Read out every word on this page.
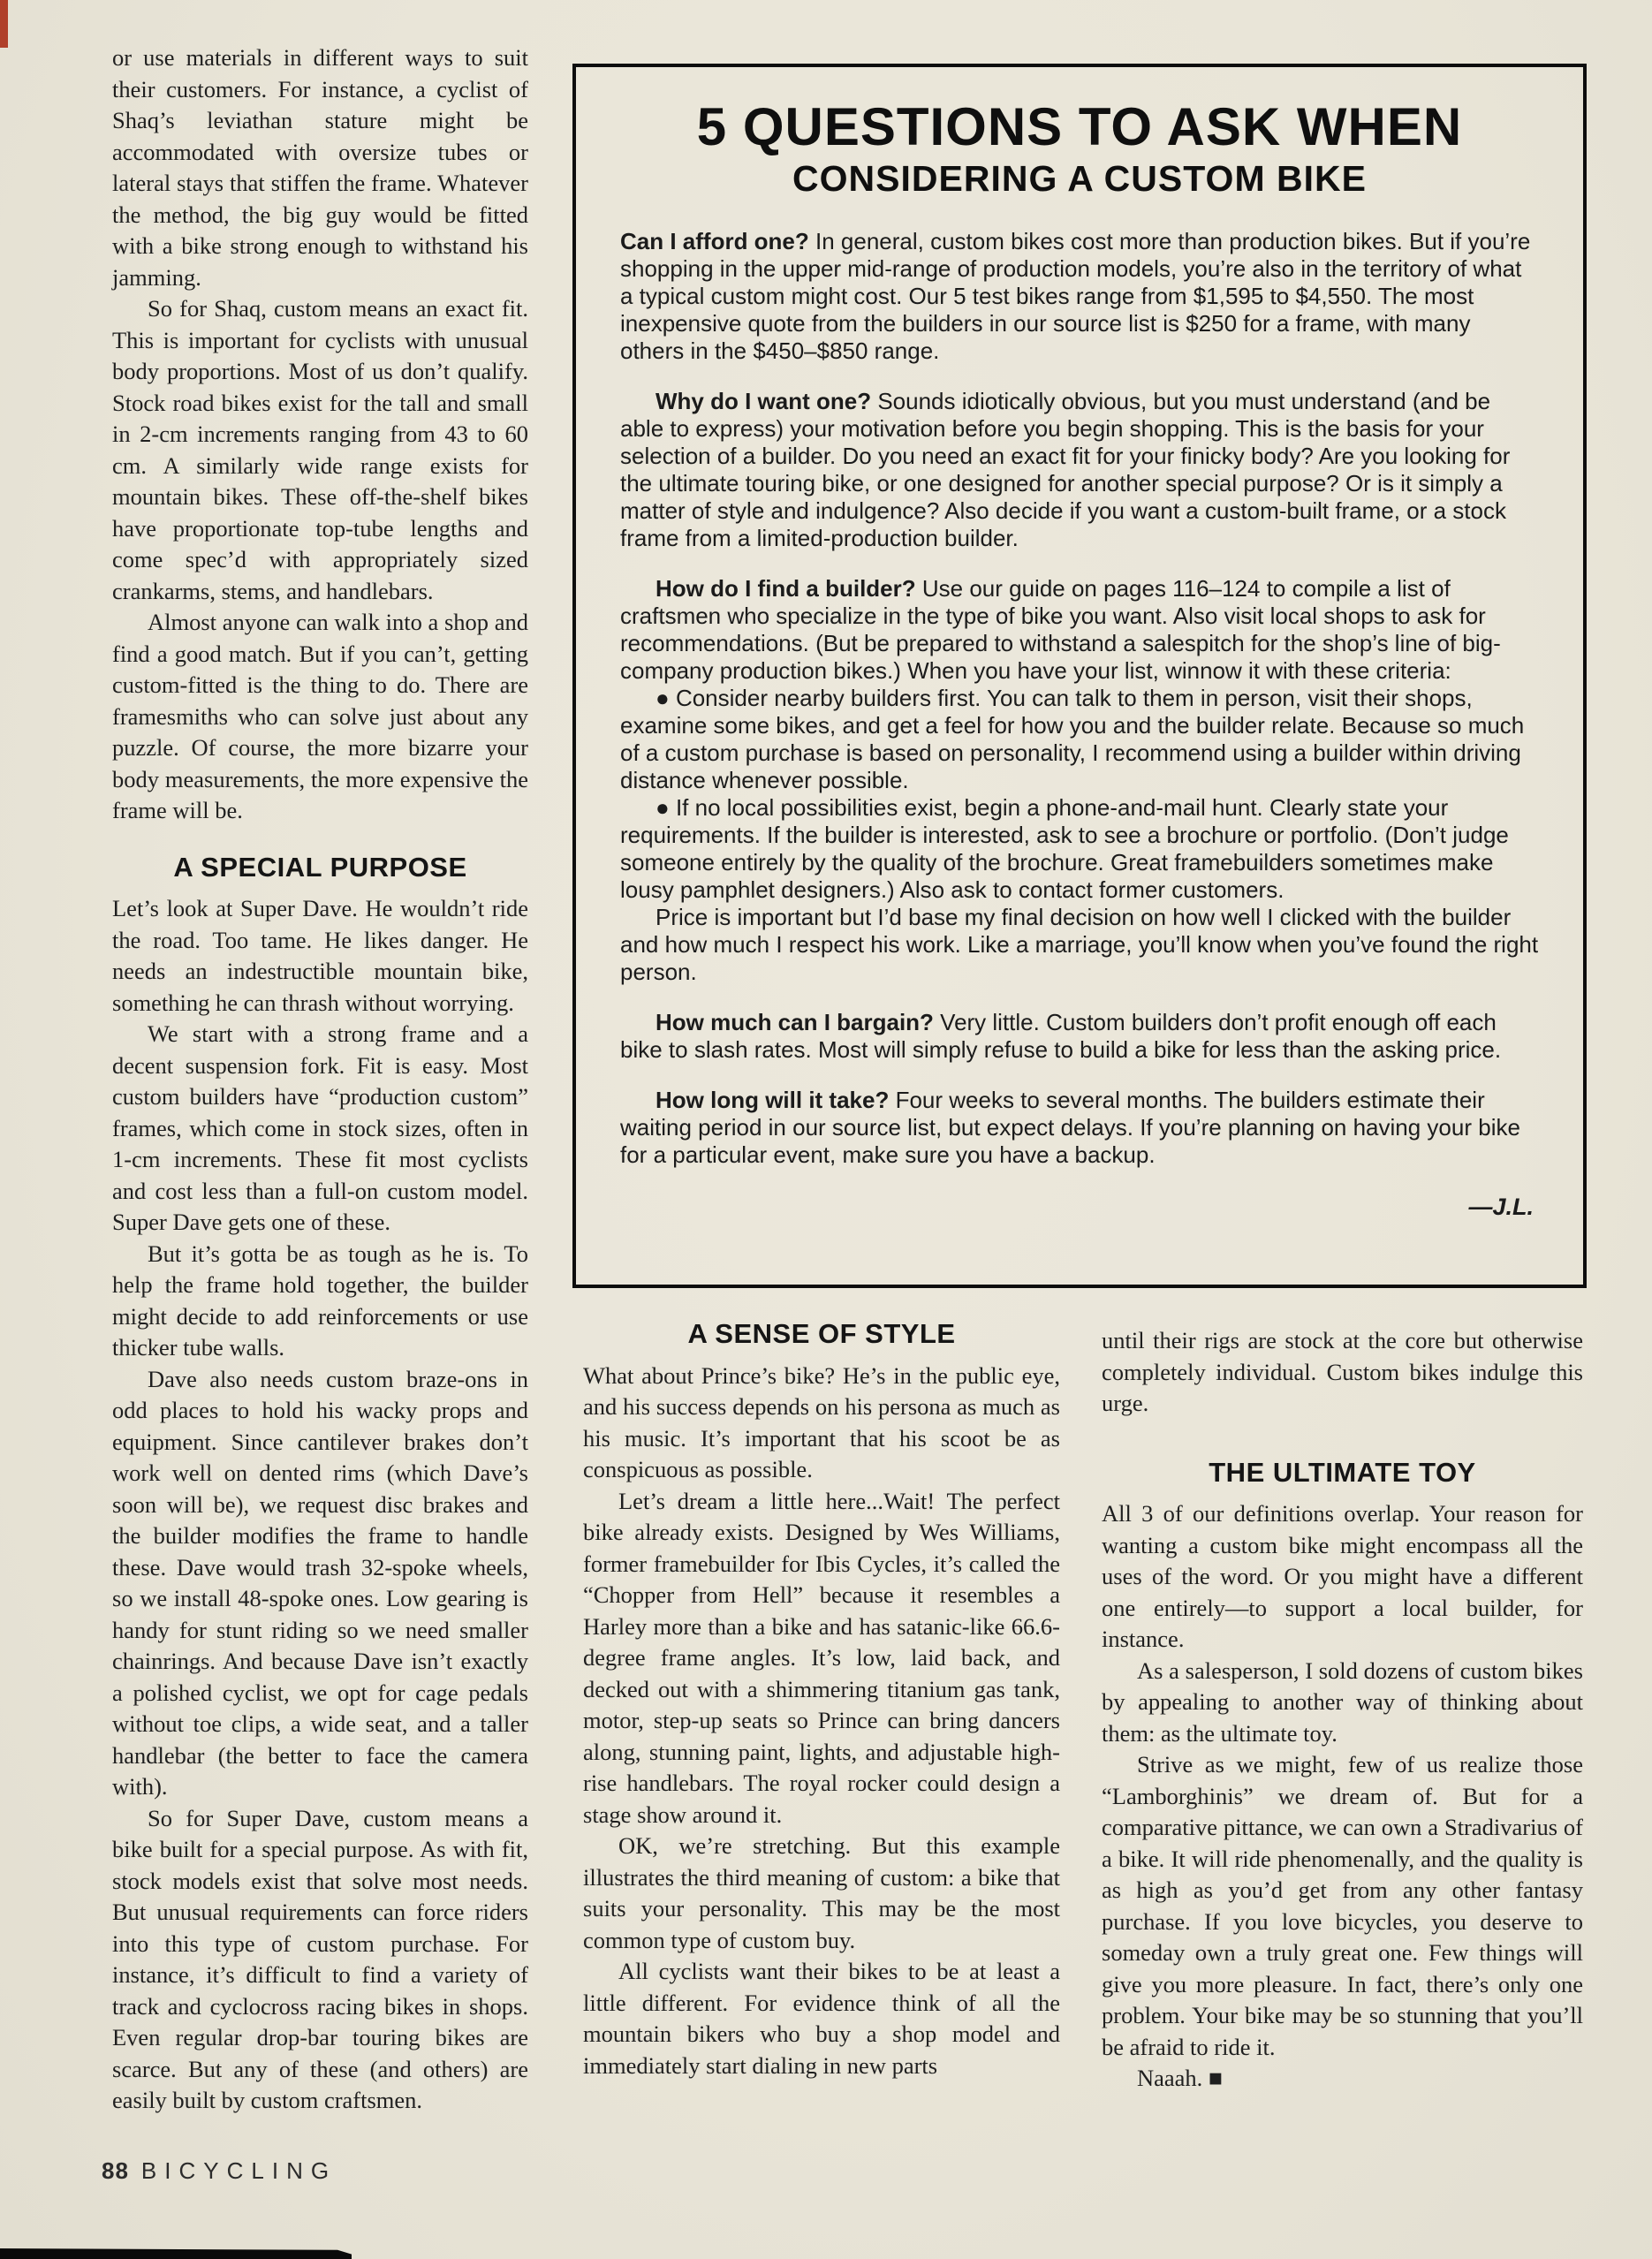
or use materials in different ways to suit their customers. For instance, a cyclist of Shaq’s leviathan stature might be accommodated with oversize tubes or lateral stays that stiffen the frame. Whatever the method, the big guy would be fitted with a bike strong enough to withstand his jamming.

So for Shaq, custom means an exact fit. This is important for cyclists with unusual body proportions. Most of us don’t qualify. Stock road bikes exist for the tall and small in 2-cm increments ranging from 43 to 60 cm. A similarly wide range exists for mountain bikes. These off-the-shelf bikes have proportionate top-tube lengths and come spec’d with appropriately sized crankarms, stems, and handlebars.

Almost anyone can walk into a shop and find a good match. But if you can’t, getting custom-fitted is the thing to do. There are framesmiths who can solve just about any puzzle. Of course, the more bizarre your body measurements, the more expensive the frame will be.

A SPECIAL PURPOSE

Let’s look at Super Dave. He wouldn’t ride the road. Too tame. He likes danger. He needs an indestructible mountain bike, something he can thrash without worrying.

We start with a strong frame and a decent suspension fork. Fit is easy. Most custom builders have “production custom” frames, which come in stock sizes, often in 1-cm increments. These fit most cyclists and cost less than a full-on custom model. Super Dave gets one of these.

But it’s gotta be as tough as he is. To help the frame hold together, the builder might decide to add reinforcements or use thicker tube walls.

Dave also needs custom braze-ons in odd places to hold his wacky props and equipment. Since cantilever brakes don’t work well on dented rims (which Dave’s soon will be), we request disc brakes and the builder modifies the frame to handle these. Dave would trash 32-spoke wheels, so we install 48-spoke ones. Low gearing is handy for stunt riding so we need smaller chainrings. And because Dave isn’t exactly a polished cyclist, we opt for cage pedals without toe clips, a wide seat, and a taller handlebar (the better to face the camera with).

So for Super Dave, custom means a bike built for a special purpose. As with fit, stock models exist that solve most needs. But unusual requirements can force riders into this type of custom purchase. For instance, it’s difficult to find a variety of track and cyclocross racing bikes in shops. Even regular drop-bar touring bikes are scarce. But any of these (and others) are easily built by custom craftsmen.

5 QUESTIONS TO ASK WHEN
CONSIDERING A CUSTOM BIKE

Can I afford one? In general, custom bikes cost more than production bikes. But if you’re shopping in the upper mid-range of production models, you’re also in the territory of what a typical custom might cost. Our 5 test bikes range from $1,595 to $4,550. The most inexpensive quote from the builders in our source list is $250 for a frame, with many others in the $450–$850 range.

Why do I want one? Sounds idiotically obvious, but you must understand (and be able to express) your motivation before you begin shopping. This is the basis for your selection of a builder. Do you need an exact fit for your finicky body? Are you looking for the ultimate touring bike, or one designed for another special purpose? Or is it simply a matter of style and indulgence? Also decide if you want a custom-built frame, or a stock frame from a limited-production builder.

How do I find a builder? Use our guide on pages 116–124 to compile a list of craftsmen who specialize in the type of bike you want. Also visit local shops to ask for recommendations. (But be prepared to withstand a salespitch for the shop’s line of big-company production bikes.) When you have your list, winnow it with these criteria:

● Consider nearby builders first. You can talk to them in person, visit their shops, examine some bikes, and get a feel for how you and the builder relate. Because so much of a custom purchase is based on personality, I recommend using a builder within driving distance whenever possible.

● If no local possibilities exist, begin a phone-and-mail hunt. Clearly state your requirements. If the builder is interested, ask to see a brochure or portfolio. (Don’t judge someone entirely by the quality of the brochure. Great framebuilders sometimes make lousy pamphlet designers.) Also ask to contact former customers.

Price is important but I’d base my final decision on how well I clicked with the builder and how much I respect his work. Like a marriage, you’ll know when you’ve found the right person.

How much can I bargain? Very little. Custom builders don’t profit enough off each bike to slash rates. Most will simply refuse to build a bike for less than the asking price.

How long will it take? Four weeks to several months. The builders estimate their waiting period in our source list, but expect delays. If you’re planning on having your bike for a particular event, make sure you have a backup.

—J.L.
A SENSE OF STYLE

What about Prince’s bike? He’s in the public eye, and his success depends on his persona as much as his music. It’s important that his scoot be as conspicuous as possible.

Let’s dream a little here...Wait! The perfect bike already exists. Designed by Wes Williams, former framebuilder for Ibis Cycles, it’s called the “Chopper from Hell” because it resembles a Harley more than a bike and has satanic-like 66.6-degree frame angles. It’s low, laid back, and decked out with a shimmering titanium gas tank, motor, step-up seats so Prince can bring dancers along, stunning paint, lights, and adjustable high-rise handlebars. The royal rocker could design a stage show around it.

OK, we’re stretching. But this example illustrates the third meaning of custom: a bike that suits your personality. This may be the most common type of custom buy.

All cyclists want their bikes to be at least a little different. For evidence think of all the mountain bikers who buy a shop model and immediately start dialing in new parts

until their rigs are stock at the core but otherwise completely individual. Custom bikes indulge this urge.

THE ULTIMATE TOY

All 3 of our definitions overlap. Your reason for wanting a custom bike might encompass all the uses of the word. Or you might have a different one entirely—to support a local builder, for instance.

As a salesperson, I sold dozens of custom bikes by appealing to another way of thinking about them: as the ultimate toy.

Strive as we might, few of us realize those “Lamborghinis” we dream of. But for a comparative pittance, we can own a Stradivarius of a bike. It will ride phenomenally, and the quality is as high as you’d get from any other fantasy purchase. If you love bicycles, you deserve to someday own a truly great one. Few things will give you more pleasure. In fact, there’s only one problem. Your bike may be so stunning that you’ll be afraid to ride it.

Naaah. ■

88 BICYCLING
